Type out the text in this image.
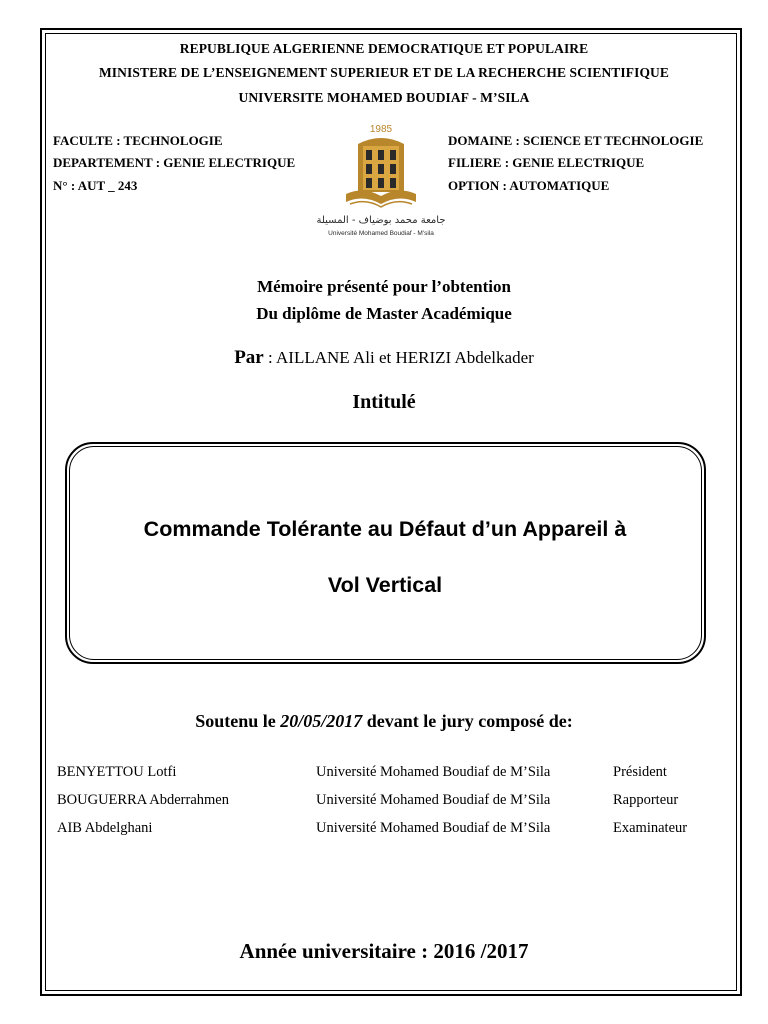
REPUBLIQUE ALGERIENNE DEMOCRATIQUE ET POPULAIRE
MINISTERE DE L’ENSEIGNEMENT SUPERIEUR ET DE LA RECHERCHE SCIENTIFIQUE
UNIVERSITE MOHAMED BOUDIAF - M’SILA
FACULTE : TECHNOLOGIE
DEPARTEMENT : GENIE ELECTRIQUE
N° : AUT _ 243
DOMAINE : SCIENCE ET TECHNOLOGIE
FILIERE : GENIE ELECTRIQUE
OPTION : AUTOMATIQUE
1985
جامعة محمد بوضياف - المسيلة
Université Mohamed Boudiaf - M'sila
Mémoire présenté pour l’obtention
Du diplôme de Master Académique
Par : AILLANE Ali et HERIZI Abdelkader
Intitulé
Commande Tolérante au Défaut d’un Appareil à
Vol Vertical
Soutenu le 20/05/2017 devant le jury composé de:
BENYETTOU Lotfi	Université Mohamed Boudiaf de M’Sila	Président
BOUGUERRA Abderrahmen	Université Mohamed Boudiaf de M’Sila	Rapporteur
AIB Abdelghani	Université Mohamed Boudiaf de M’Sila	Examinateur
Année universitaire : 2016 /2017
